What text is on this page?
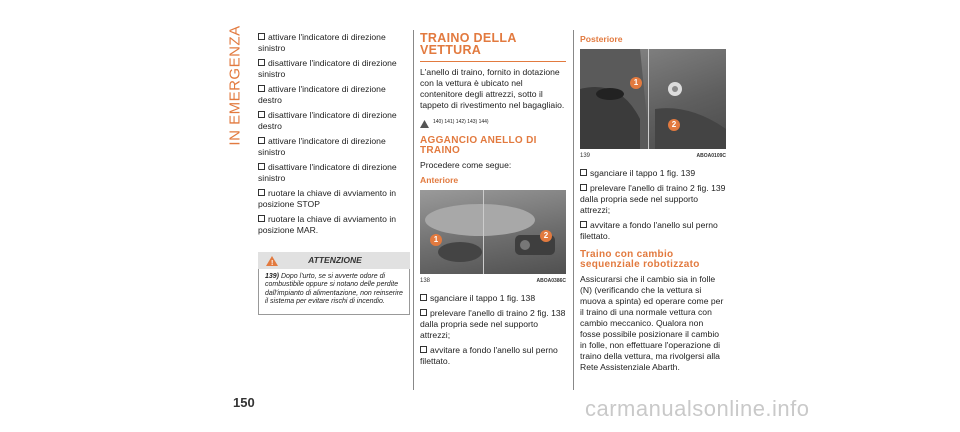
IN EMERGENZA	attivare l'indicatore di direzione sinistro
disattivare l'indicatore di direzione sinistro
attivare l'indicatore di direzione destro
disattivare l'indicatore di direzione destro
attivare l'indicatore di direzione sinistro
disattivare l'indicatore di direzione sinistro
ruotare la chiave di avviamento in posizione STOP
ruotare la chiave di avviamento in posizione MAR.
!	ATTENZIONE
139) Dopo l'urto, se si avverte odore di combustibile oppure si notano delle perdite dall'impianto di alimentazione, non reinserire il sistema per evitare rischi di incendio.
TRAINO DELLA VETTURA
L'anello di traino, fornito in dotazione con la vettura è ubicato nel contenitore degli attrezzi, sotto il tappeto di rivestimento nel bagagliaio.
140) 141) 142) 143) 144)
AGGANCIO ANELLO DI TRAINO
Procedere come segue:
Anteriore
1	2
138	ABOA0386C
sganciare il tappo 1 fig. 138
prelevare l'anello di traino 2 fig. 138 dalla propria sede nel supporto attrezzi;
avvitare a fondo l'anello sul perno filettato.
Posteriore
1
2
139	ABOA0109C
sganciare il tappo 1 fig. 139
prelevare l'anello di traino 2 fig. 139 dalla propria sede nel supporto attrezzi;
avvitare a fondo l'anello sul perno filettato.
Traino con cambio sequenziale robotizzato
Assicurarsi che il cambio sia in folle (N) (verificando che la vettura si muova a spinta) ed operare come per il traino di una normale vettura con cambio meccanico. Qualora non fosse possibile posizionare il cambio in folle, non effettuare l'operazione di traino della vettura, ma rivolgersi alla Rete Assistenziale Abarth.
150	carmanualsonline.info
